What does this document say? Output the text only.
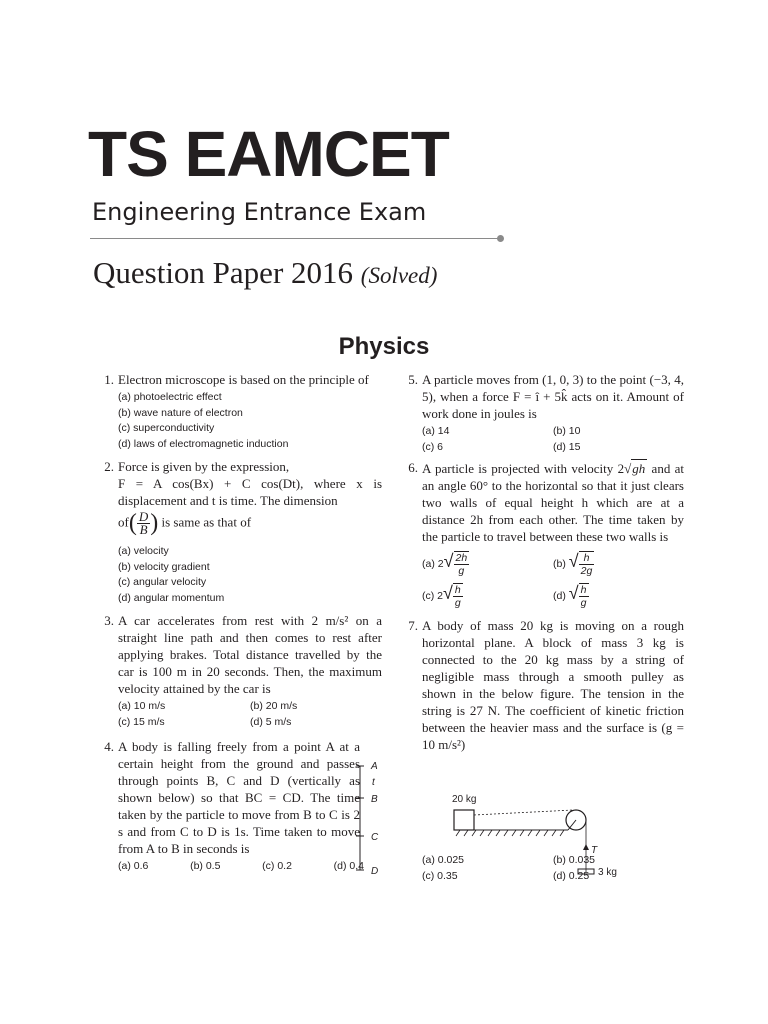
TS EAMCET
Engineering Entrance Exam
Question Paper 2016 (Solved)
Physics
1. Electron microscope is based on the principle of
(a) photoelectric effect
(b) wave nature of electron
(c) superconductivity
(d) laws of electromagnetic induction
2. Force is given by the expression,
F = A cos(Bx) + C cos(Dt), where x is displacement and t is time. The dimension
$of( \frac{D}{B}$ ) is same as that of
(a) velocity
(b) velocity gradient
(c) angular velocity
(d) angular momentum
3. A car accelerates from rest with 2 m/s² on a straight line path and then comes to rest after applying brakes. Total distance travelled by the car is 100 m in 20 seconds. Then, the maximum velocity attained by the car is
(a) 10 m/s	(b) 20 m/s
(c) 15 m/s	(d) 5 m/s
4. A body is falling freely from a point A at a certain height from the ground and passes through points B, C and D (vertically as shown below) so that BC = CD. The time taken by the particle to move from B to C is 2 s and from C to D is 1s. Time taken to move from A to B in seconds is
(a) 0.6	(b) 0.5	(c) 0.2	(d) 0.4
A
t
B
C
D
5. A particle moves from (1, 0, 3) to the point (−3, 4, 5), when a force F = î + 5k̂ acts on it. Amount of work done in joules is
(a) 14	(b) 10
(c) 6	(d) 15
6. A particle is projected with velocity 2√gh and at an angle 60° to the horizontal so that it just clears two walls of equal height h which are at a distance 2h from each other. The time taken by the particle to travel between these two walls is
(a) $2√ \frac{2h}{g}$	(b) √ $\frac{h}{2g}$
(c) $2√ \frac{h}{g}$	(d) √ $\frac{h}{g}$
7. A body of mass 20 kg is moving on a rough horizontal plane. A block of mass 3 kg is connected to the 20 kg mass by a string of negligible mass through a smooth pulley as shown in the below figure. The tension in the string is 27 N. The coefficient of kinetic friction between the heavier mass and the surface is (g = 10 m/s²)
(a) 0.025	(b) 0.035
(c) 0.35	(d) 0.25
20 kg
T
3 kg
